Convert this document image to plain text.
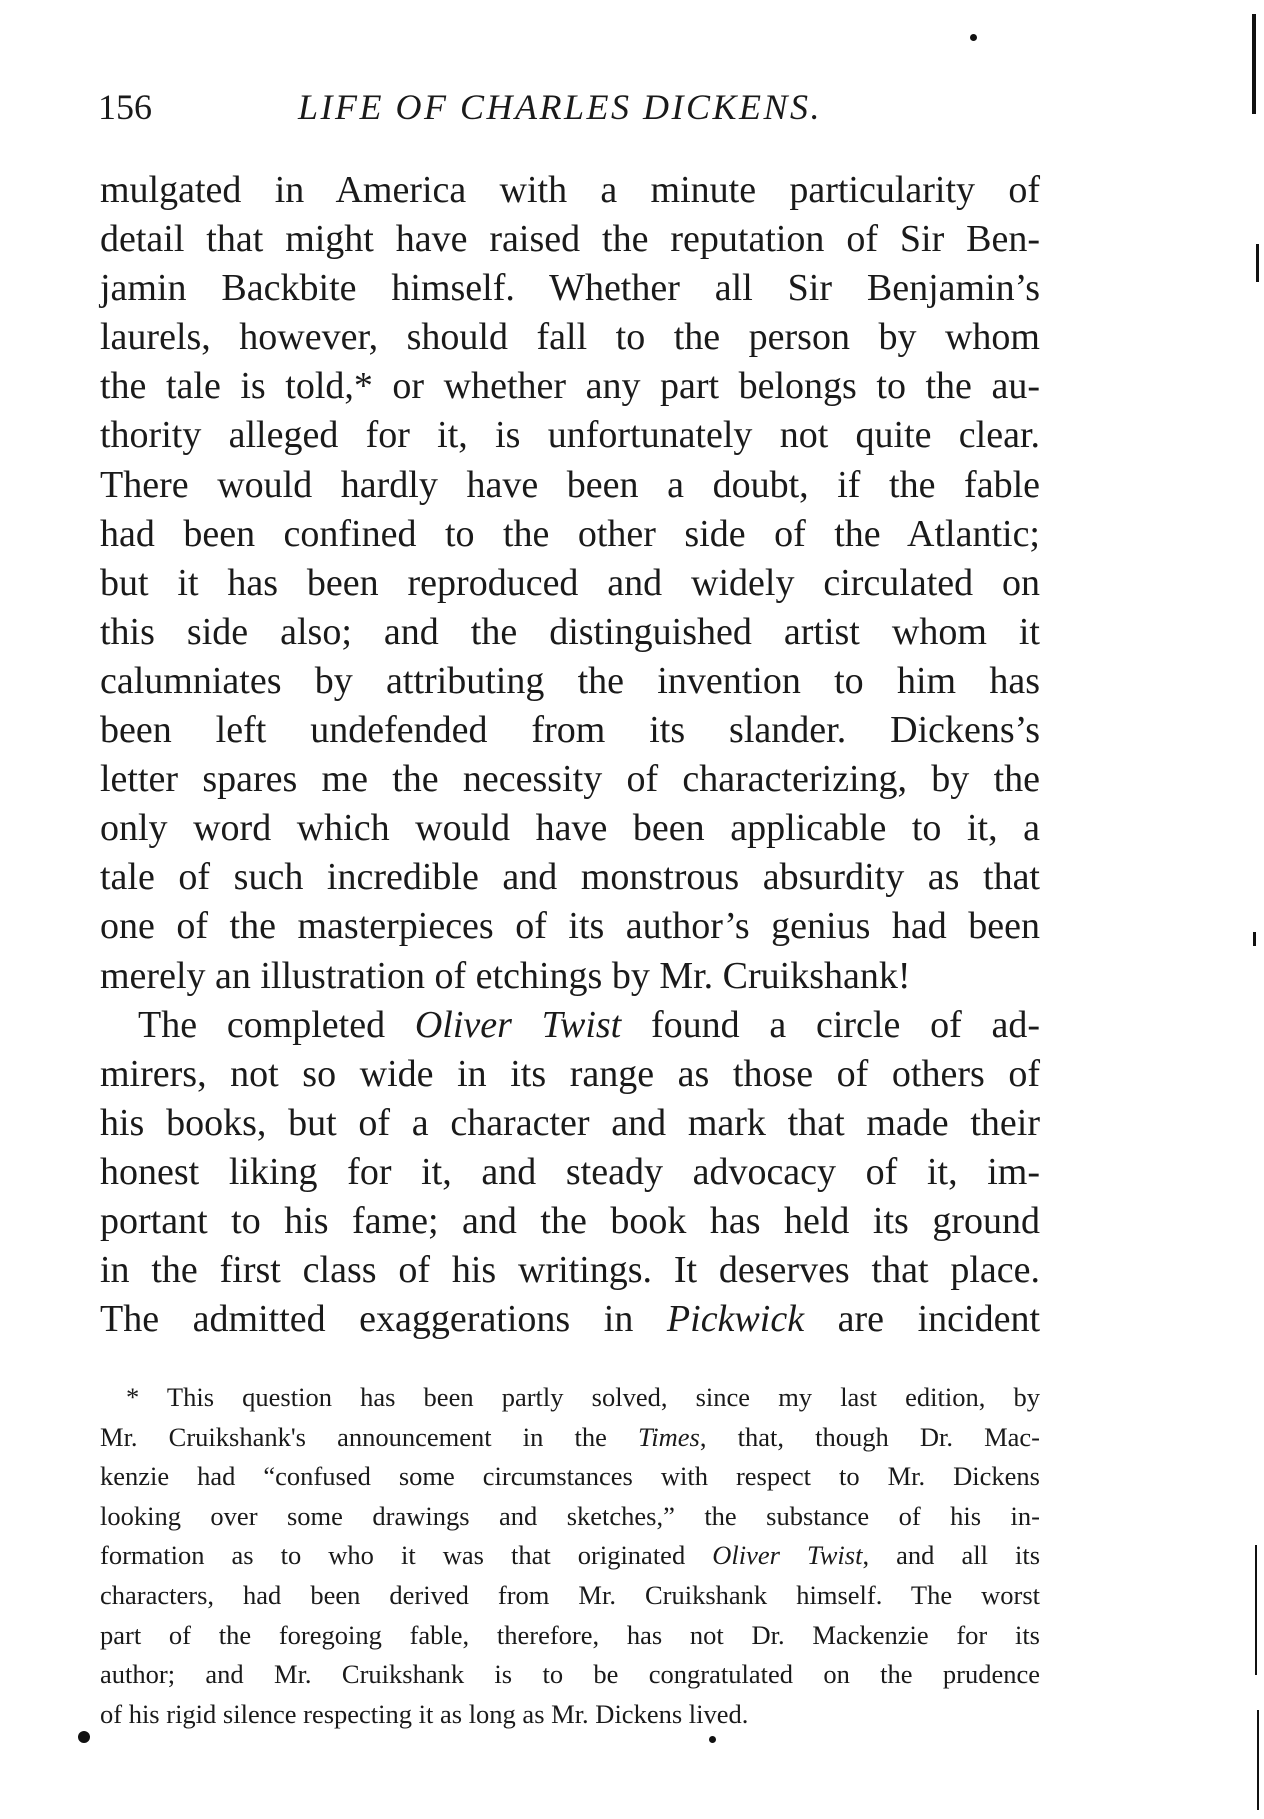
156	LIFE OF CHARLES DICKENS.
mulgated in America with a minute particularity of
detail that might have raised the reputation of Sir Ben-
jamin Backbite himself. Whether all Sir Benjamin’s
laurels, however, should fall to the person by whom
the tale is told,* or whether any part belongs to the au-
thority alleged for it, is unfortunately not quite clear.
There would hardly have been a doubt, if the fable
had been confined to the other side of the Atlantic;
but it has been reproduced and widely circulated on
this side also; and the distinguished artist whom it
calumniates by attributing the invention to him has
been left undefended from its slander. Dickens’s
letter spares me the necessity of characterizing, by the
only word which would have been applicable to it, a
tale of such incredible and monstrous absurdity as that
one of the masterpieces of its author’s genius had been
merely an illustration of etchings by Mr. Cruikshank!
The completed Oliver Twist found a circle of ad-
mirers, not so wide in its range as those of others of
his books, but of a character and mark that made their
honest liking for it, and steady advocacy of it, im-
portant to his fame; and the book has held its ground
in the first class of his writings. It deserves that place.
The admitted exaggerations in Pickwick are incident
* This question has been partly solved, since my last edition, by
Mr. Cruikshank's announcement in the Times, that, though Dr. Mac-
kenzie had “confused some circumstances with respect to Mr. Dickens
looking over some drawings and sketches,” the substance of his in-
formation as to who it was that originated Oliver Twist, and all its
characters, had been derived from Mr. Cruikshank himself. The worst
part of the foregoing fable, therefore, has not Dr. Mackenzie for its
author; and Mr. Cruikshank is to be congratulated on the prudence
of his rigid silence respecting it as long as Mr. Dickens lived.
